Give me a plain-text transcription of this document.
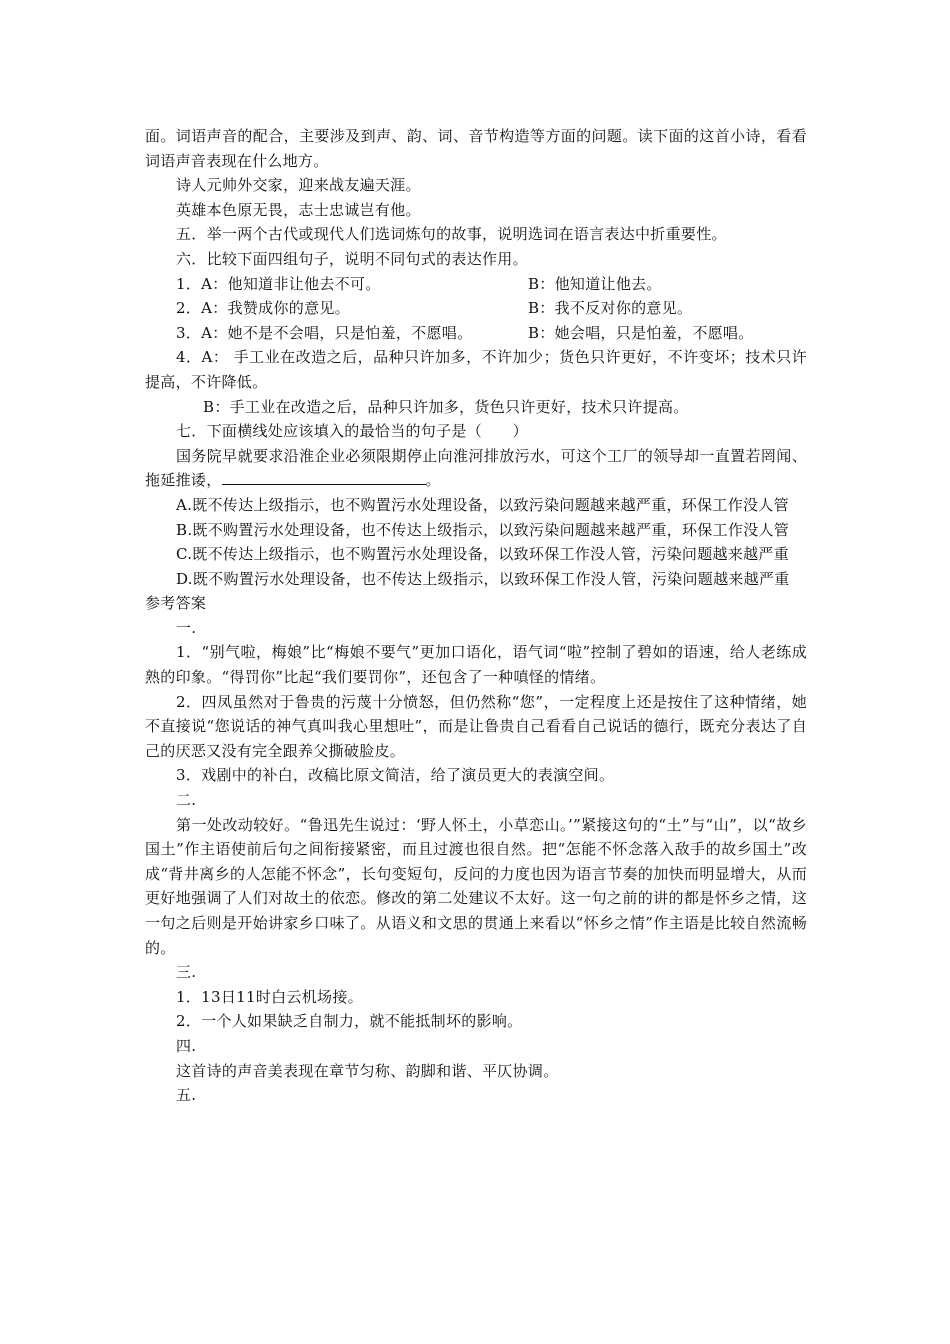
面。词语声音的配合，主要涉及到声、韵、词、音节构造等方面的问题。读下面的这首小诗，看看词语声音表现在什么地方。

诗人元帅外交家，迎来战友遍天涯。

英雄本色原无畏，志士忠诚岂有他。

五．举一两个古代或现代人们选词炼句的故事，说明选词在语言表达中折重要性。

六．比较下面四组句子，说明不同句式的表达作用。

1．A：他知道非让他去不可。	B：他知道让他去。
2．A：我赞成你的意见。	B：我不反对你的意见。
3．A：她不是不会唱，只是怕羞，不愿唱。	B：她会唱，只是怕羞，不愿唱。

4．A： 手工业在改造之后，品种只许加多，不许加少；货色只许更好，不许变坏；技术只许提高，不许降低。

B：手工业在改造之后，品种只许加多，货色只许更好，技术只许提高。

七．下面横线处应该填入的最恰当的句子是（　　）

国务院早就要求沿淮企业必须限期停止向淮河排放污水，可这个工厂的领导却一直置若罔闻、拖延推诿，	。

A.既不传达上级指示，也不购置污水处理设备，以致污染问题越来越严重，环保工作没人管

B.既不购置污水处理设备，也不传达上级指示，以致污染问题越来越严重，环保工作没人管

C.既不传达上级指示，也不购置污水处理设备，以致环保工作没人管，污染问题越来越严重

D.既不购置污水处理设备，也不传达上级指示，以致环保工作没人管，污染问题越来越严重

参考答案

一.

1．“别气啦，梅娘”比“梅娘不要气”更加口语化，语气词“啦”控制了碧如的语速，给人老练成熟的印象。“得罚你”比起“我们要罚你”，还包含了一种嗔怪的情绪。

2．四凤虽然对于鲁贵的污蔑十分愤怒，但仍然称“您”，一定程度上还是按住了这种情绪，她不直接说“您说话的神气真叫我心里想吐”，而是让鲁贵自己看看自己说话的德行，既充分表达了自己的厌恶又没有完全跟养父撕破脸皮。

3．戏剧中的补白，改稿比原文简洁，给了演员更大的表演空间。

二.

第一处改动较好。“鲁迅先生说过：‘野人怀土，小草恋山。’”紧接这句的“土”与“山”，以“故乡国土”作主语使前后句之间衔接紧密，而且过渡也很自然。把“怎能不怀念落入敌手的故乡国土”改成“背井离乡的人怎能不怀念”，长句变短句，反问的力度也因为语言节奏的加快而明显增大，从而更好地强调了人们对故土的依恋。修改的第二处建议不太好。这一句之前的讲的都是怀乡之情，这一句之后则是开始讲家乡口味了。从语义和文思的贯通上来看以“怀乡之情”作主语是比较自然流畅的。

三.

1．13日11时白云机场接。

2．一个人如果缺乏自制力，就不能抵制坏的影响。

四.

这首诗的声音美表现在章节匀称、韵脚和谐、平仄协调。

五.
